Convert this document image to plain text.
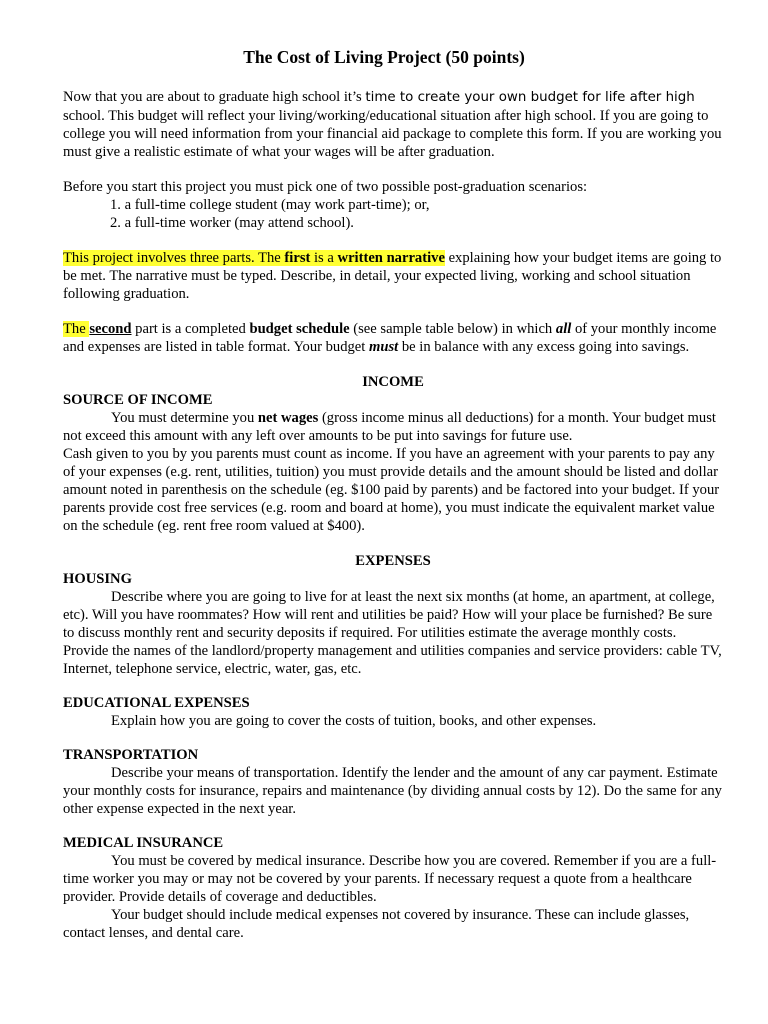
The Cost of Living Project (50 points)

Now that you are about to graduate high school it’s time to create your own budget for life after high school. This budget will reflect your living/working/educational situation after high school. If you are going to college you will need information from your financial aid package to complete this form. If you are working you must give a realistic estimate of what your wages will be after graduation.

Before you start this project you must pick one of two possible post-graduation scenarios:

1. a full-time college student (may work part-time); or,

2. a full-time worker (may attend school).

This project involves three parts. The first is a written narrative explaining how your budget items are going to be met. The narrative must be typed. Describe, in detail, your expected living, working and school situation following graduation.

The second part is a completed budget schedule (see sample table below) in which all of your monthly income and expenses are listed in table format. Your budget must be in balance with any excess going into savings.

INCOME

SOURCE OF INCOME

You must determine you net wages (gross income minus all deductions) for a month. Your budget must not exceed this amount with any left over amounts to be put into savings for future use.

Cash given to you by you parents must count as income. If you have an agreement with your parents to pay any of your expenses (e.g. rent, utilities, tuition) you must provide details and the amount should be listed and dollar amount noted in parenthesis on the schedule (eg. $100 paid by parents) and be factored into your budget. If your parents provide cost free services (e.g. room and board at home), you must indicate the equivalent market value on the schedule (eg. rent free room valued at $400).

EXPENSES

HOUSING

Describe where you are going to live for at least the next six months (at home, an apartment, at college, etc). Will you have roommates? How will rent and utilities be paid? How will your place be furnished? Be sure to discuss monthly rent and security deposits if required. For utilities estimate the average monthly costs. Provide the names of the landlord/property management and utilities companies and service providers: cable TV, Internet, telephone service, electric, water, gas, etc.

EDUCATIONAL EXPENSES

Explain how you are going to cover the costs of tuition, books, and other expenses.

TRANSPORTATION

Describe your means of transportation. Identify the lender and the amount of any car payment. Estimate your monthly costs for insurance, repairs and maintenance (by dividing annual costs by 12). Do the same for any other expense expected in the next year.

MEDICAL INSURANCE

You must be covered by medical insurance. Describe how you are covered. Remember if you are a full-time worker you may or may not be covered by your parents. If necessary request a quote from a healthcare provider. Provide details of coverage and deductibles.

Your budget should include medical expenses not covered by insurance. These can include glasses, contact lenses, and dental care.
